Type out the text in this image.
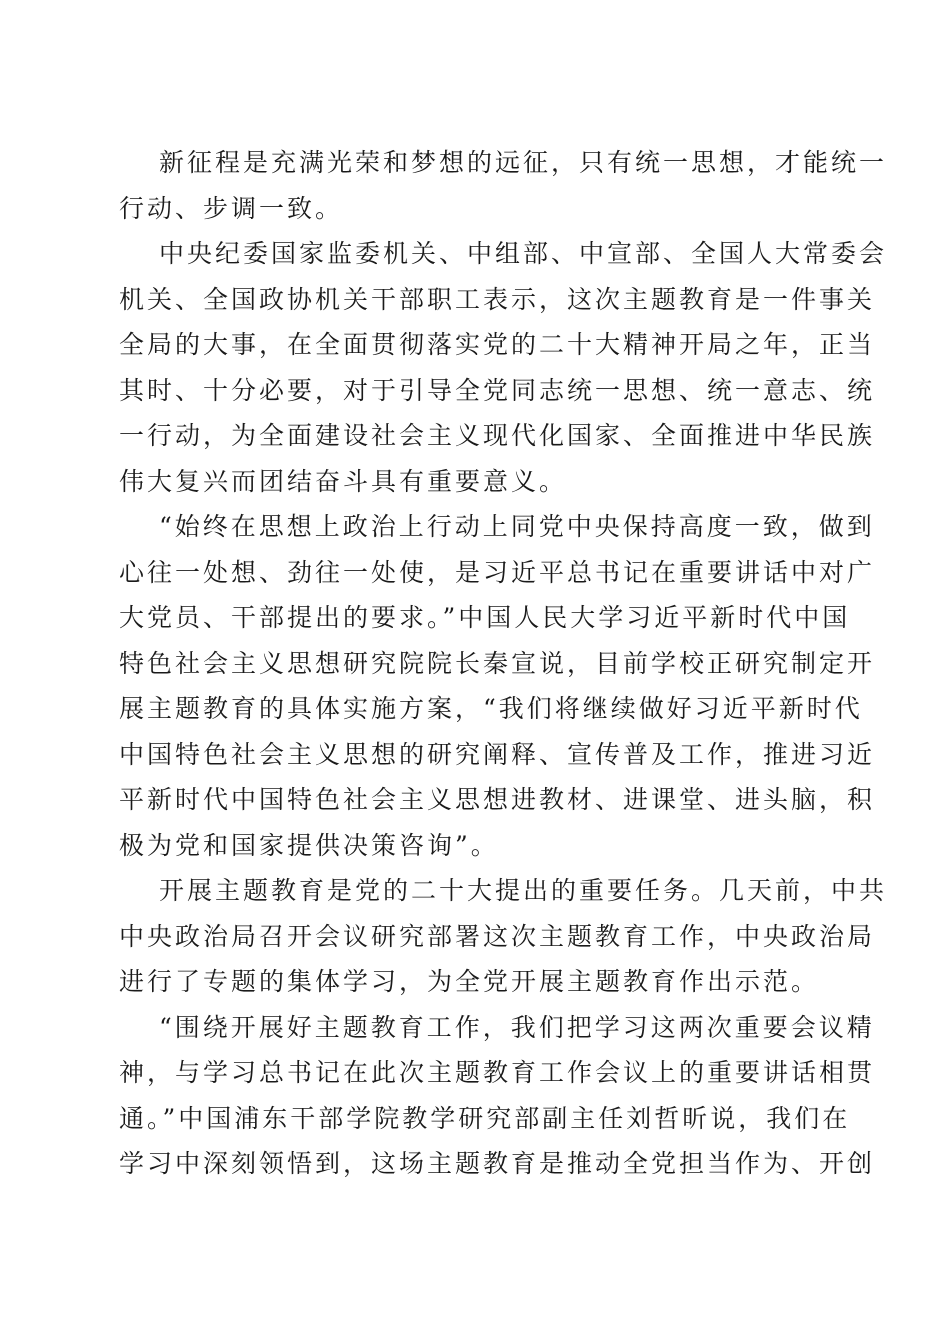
新征程是充满光荣和梦想的远征，只有统一思想，才能统一
行动、步调一致。

中央纪委国家监委机关、中组部、中宣部、全国人大常委会
机关、全国政协机关干部职工表示，这次主题教育是一件事关
全局的大事，在全面贯彻落实党的二十大精神开局之年，正当
其时、十分必要，对于引导全党同志统一思想、统一意志、统
一行动，为全面建设社会主义现代化国家、全面推进中华民族
伟大复兴而团结奋斗具有重要意义。

“始终在思想上政治上行动上同党中央保持高度一致，做到
心往一处想、劲往一处使，是习近平总书记在重要讲话中对广
大党员、干部提出的要求。”中国人民大学习近平新时代中国
特色社会主义思想研究院院长秦宣说，目前学校正研究制定开
展主题教育的具体实施方案，“我们将继续做好习近平新时代
中国特色社会主义思想的研究阐释、宣传普及工作，推进习近
平新时代中国特色社会主义思想进教材、进课堂、进头脑，积
极为党和国家提供决策咨询”。

开展主题教育是党的二十大提出的重要任务。几天前，中共
中央政治局召开会议研究部署这次主题教育工作，中央政治局
进行了专题的集体学习，为全党开展主题教育作出示范。

“围绕开展好主题教育工作，我们把学习这两次重要会议精
神，与学习总书记在此次主题教育工作会议上的重要讲话相贯
通。”中国浦东干部学院教学研究部副主任刘哲昕说，我们在
学习中深刻领悟到，这场主题教育是推动全党担当作为、开创
